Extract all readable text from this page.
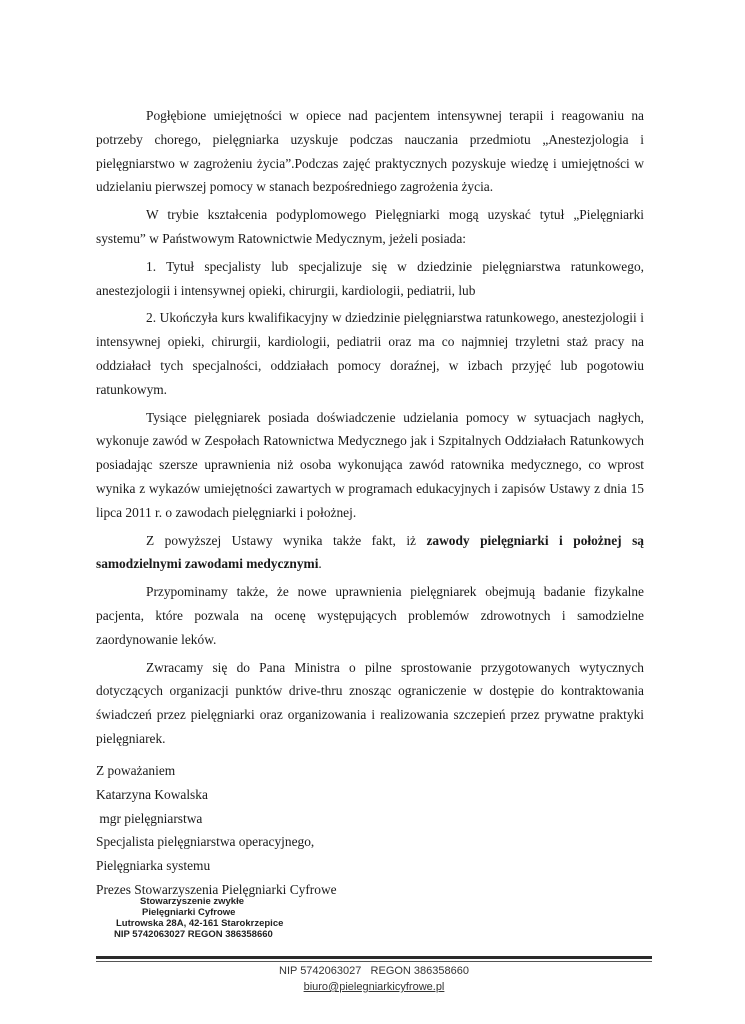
Pogłębione umiejętności w opiece nad pacjentem intensywnej terapii i reagowaniu na potrzeby chorego, pielęgniarka uzyskuje podczas nauczania przedmiotu „Anestezjologia i pielęgniarstwo w zagrożeniu życia”.Podczas zajęć praktycznych pozyskuje wiedzę i umiejętności w udzielaniu pierwszej pomocy w stanach bezpośredniego zagrożenia życia.

W trybie kształcenia podyplomowego Pielęgniarki mogą uzyskać tytuł „Pielęgniarki systemu” w Państwowym Ratownictwie Medycznym, jeżeli posiada:

1. Tytuł specjalisty lub specjalizuje się w dziedzinie pielęgniarstwa ratunkowego, anestezjologii i intensywnej opieki, chirurgii, kardiologii, pediatrii, lub

2. Ukończyła kurs kwalifikacyjny w dziedzinie pielęgniarstwa ratunkowego, anestezjologii i intensywnej opieki, chirurgii, kardiologii, pediatrii oraz ma co najmniej trzyletni staż pracy na oddziałacł tych specjalności, oddziałach pomocy doraźnej, w izbach przyjęć lub pogotowiu ratunkowym.

Tysiące pielęgniarek posiada doświadczenie udzielania pomocy w sytuacjach nagłych, wykonuje zawód w Zespołach Ratownictwa Medycznego jak i Szpitalnych Oddziałach Ratunkowych posiadając szersze uprawnienia niż osoba wykonująca zawód ratownika medycznego, co wprost wynika z wykazów umiejętności zawartych w programach edukacyjnych i zapisów Ustawy z dnia 15 lipca 2011 r. o zawodach pielęgniarki i położnej.

Z powyższej Ustawy wynika także fakt, iż zawody pielęgniarki i położnej są samodzielnymi zawodami medycznymi.

Przypominamy także, że nowe uprawnienia pielęgniarek obejmują badanie fizykalne pacjenta, które pozwala na ocenę występujących problemów zdrowotnych i samodzielne zaordynowanie leków.

Zwracamy się do Pana Ministra o pilne sprostowanie przygotowanych wytycznych dotyczących organizacji punktów drive-thru znosząc ograniczenie w dostępie do kontraktowania świadczeń przez pielęgniarki oraz organizowania i realizowania szczepień przez prywatne praktyki pielęgniarek.

Z poważaniem
Katarzyna Kowalska
mgr pielęgniarstwa
Specjalista pielęgniarstwa operacyjnego,
Pielęgniarka systemu
Prezes Stowarzyszenia Pielęgniarki Cyfrowe
Stowarzyszenie zwykłe
Pielęgniarki Cyfrowe
Lutrowska 28A, 42-161 Starokrzepice
NIP 5742063027 REGON 386358660
NIP 5742063027   REGON 386358660
biuro@pielegniarkicyfrowe.pl
